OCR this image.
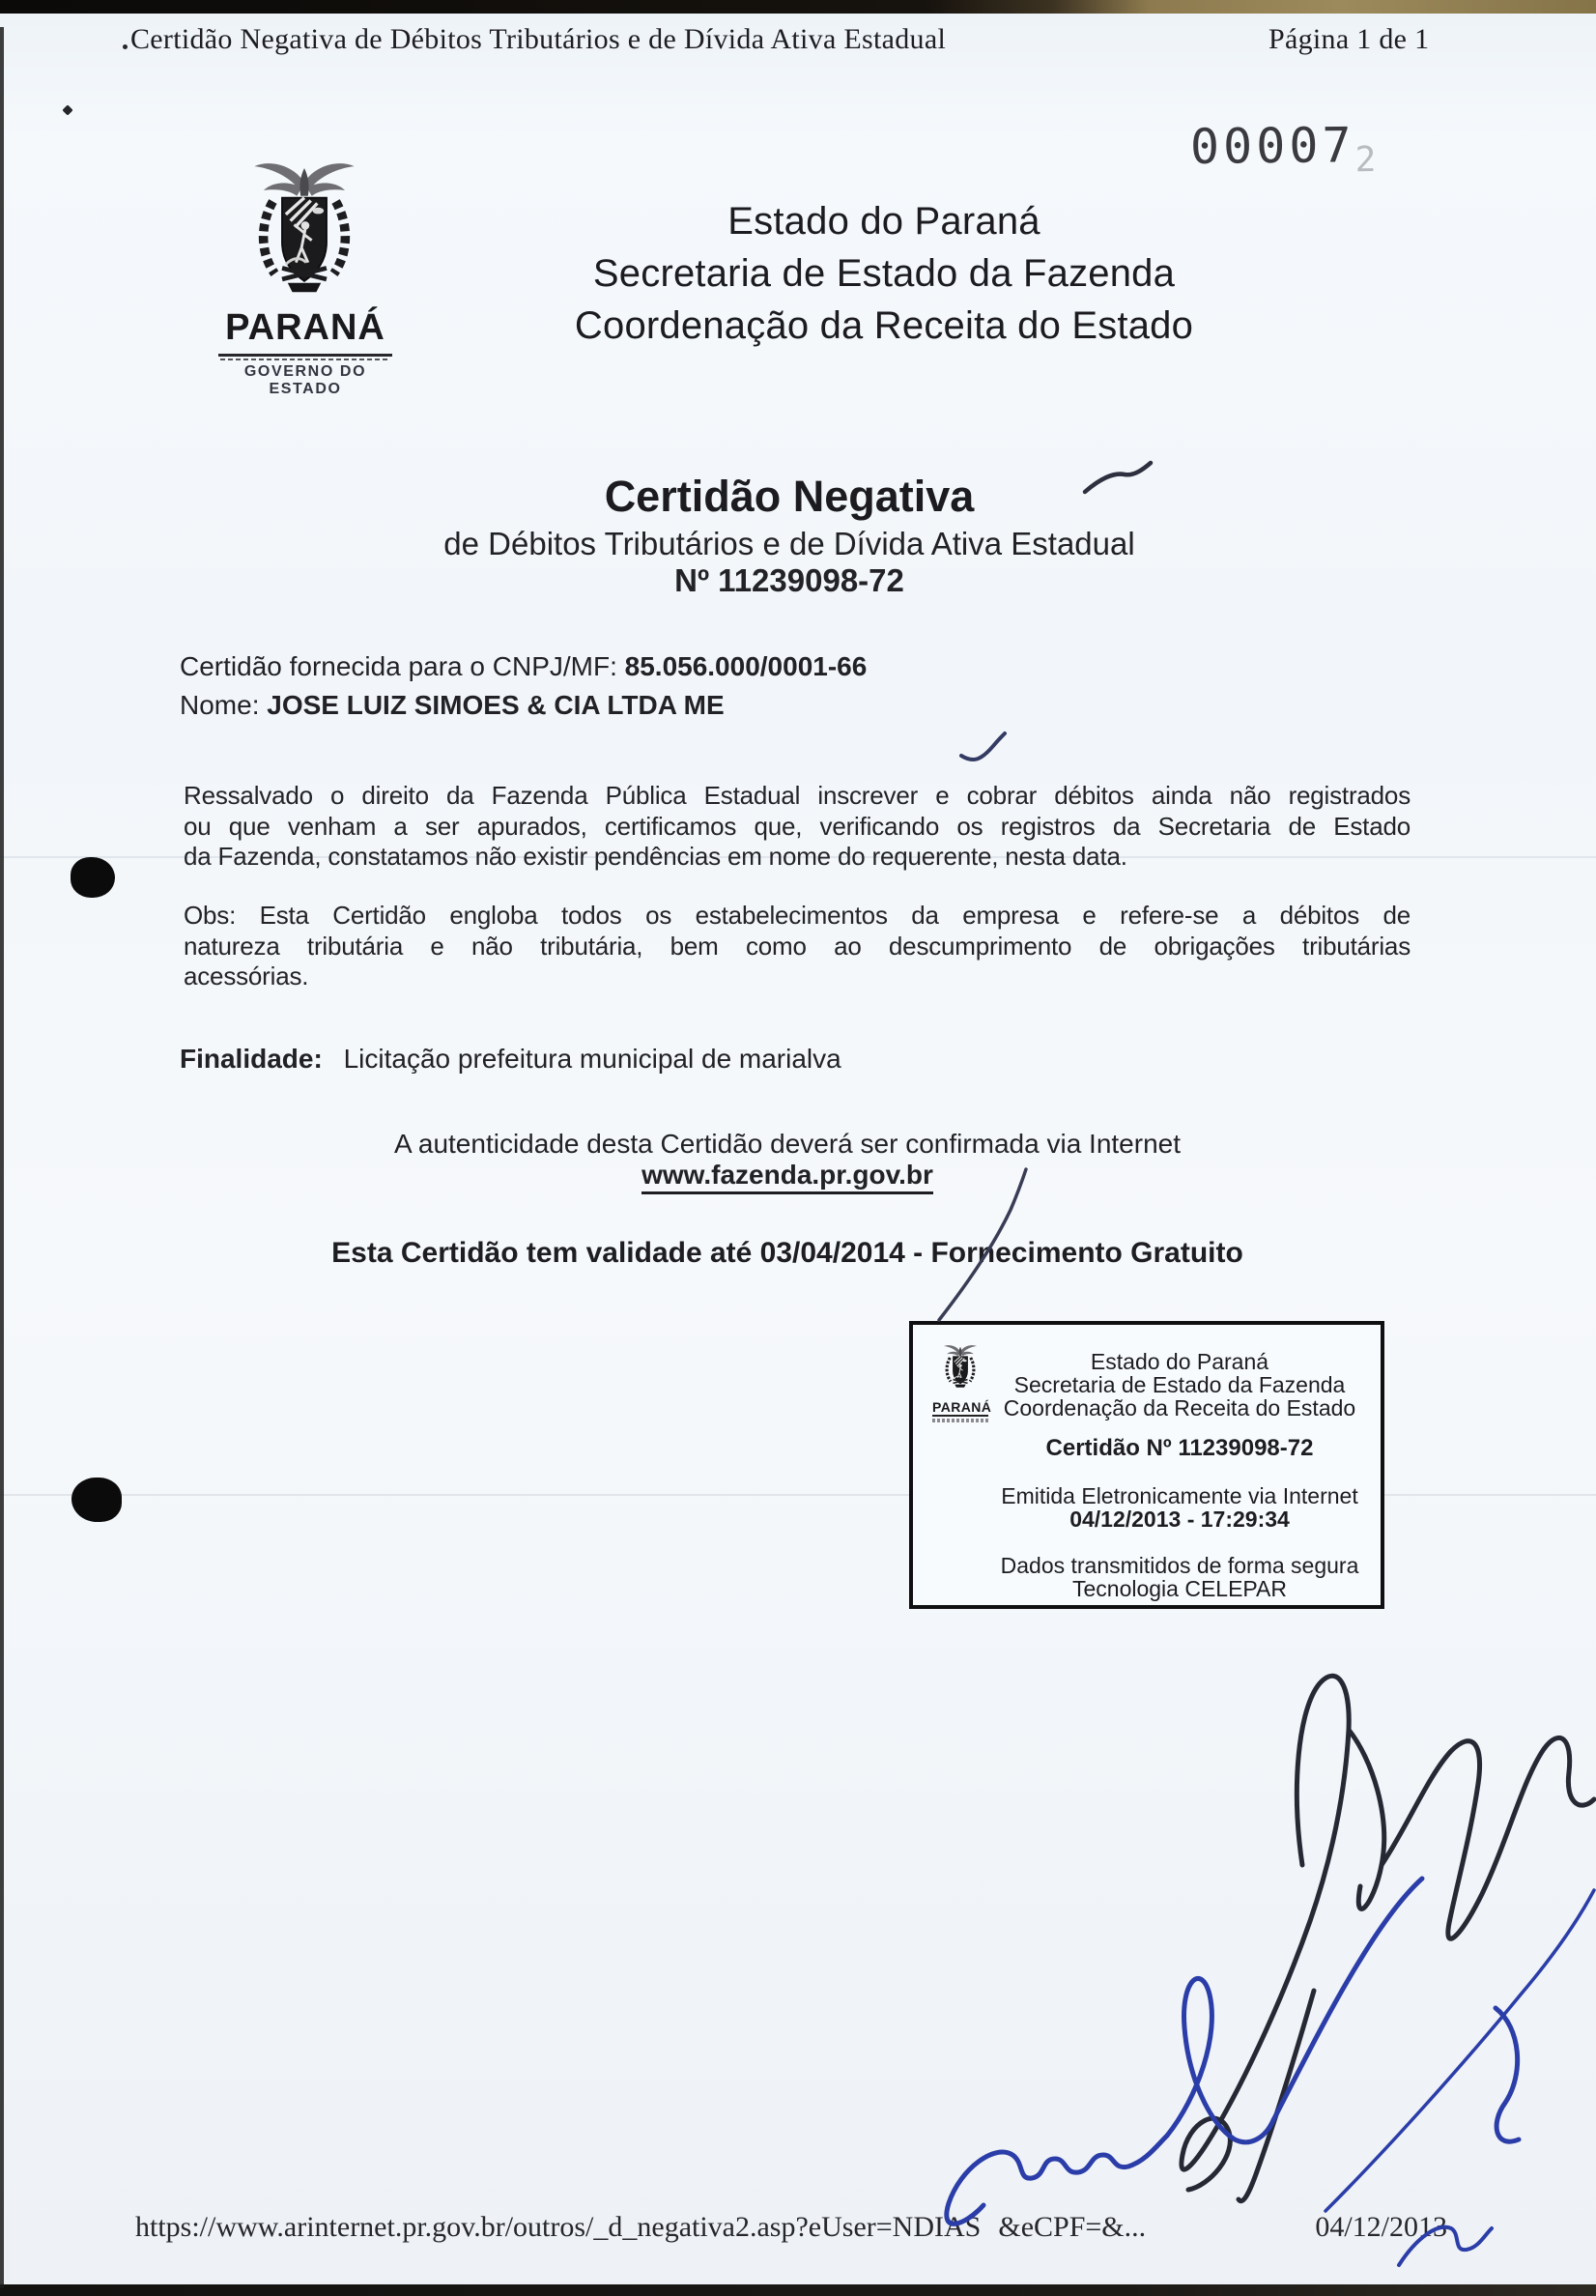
Certidão Negativa de Débitos Tributários e de Dívida Ativa Estadual	Página 1 de 1
000072
PARANÁ
GOVERNO DO ESTADO
Estado do Paraná
Secretaria de Estado da Fazenda
Coordenação da Receita do Estado
Certidão Negativa
de Débitos Tributários e de Dívida Ativa Estadual
Nº 11239098-72
Certidão fornecida para o CNPJ/MF: 85.056.000/0001-66
Nome: JOSE LUIZ SIMOES & CIA LTDA ME
Ressalvado o direito da Fazenda Pública Estadual inscrever e cobrar débitos ainda não registrados
ou que venham a ser apurados, certificamos que, verificando os registros da Secretaria de Estado
da Fazenda, constatamos não existir pendências em nome do requerente, nesta data.
Obs: Esta Certidão engloba todos os estabelecimentos da empresa e refere-se a débitos de
natureza tributária e não tributária, bem como ao descumprimento de obrigações tributárias
acessórias.
Finalidade: Licitação prefeitura municipal de marialva
A autenticidade desta Certidão deverá ser confirmada via Internet
www.fazenda.pr.gov.br
Esta Certidão tem validade até 03/04/2014 - Fornecimento Gratuito
PARANÁ
Estado do Paraná
Secretaria de Estado da Fazenda
Coordenação da Receita do Estado
Certidão Nº 11239098-72
Emitida Eletronicamente via Internet
04/12/2013 - 17:29:34
Dados transmitidos de forma segura
Tecnologia CELEPAR
https://www.arinternet.pr.gov.br/outros/_d_negativa2.asp?eUser=NDIAS &eCPF=&...	04/12/2013
